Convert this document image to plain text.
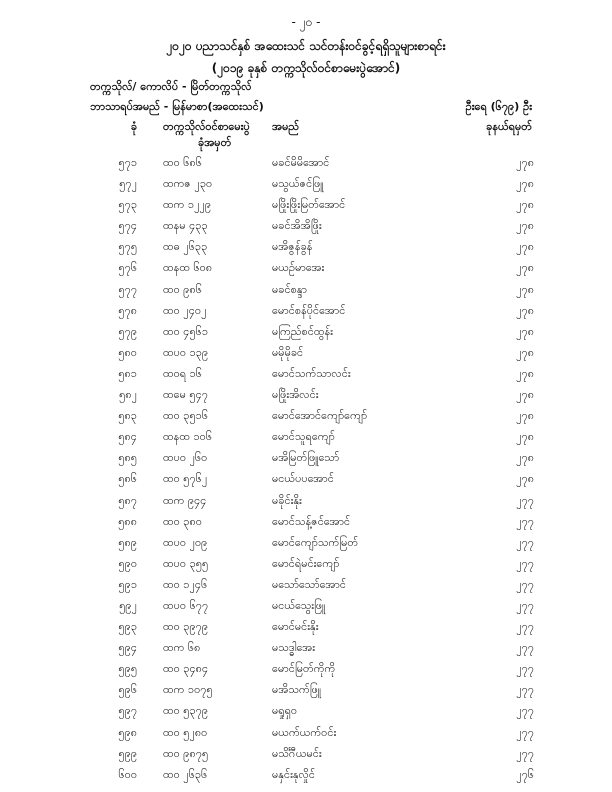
- ၂၀ -
၂၀၂၀ ပညာသင်နှစ် အထေးသင် သင်တန်းဝင်ခွင့်ရရှိသူများစာရင်း
(၂၀၁၉ ခုနှစ် တက္ကသိုလ်ဝင်စာမေးပွဲအောင်)
တက္ကသိုလ်/ ကောလိပ် - မြိတ်တက္ကသိုလ်
ဘာသာရပ်အမည် - မြန်မာစာ(အထေးသင်)	ဦးရေ (၆၇၉) ဦး
ခုနယ်ရမှတ်
ခုံ တက္ကသိုလ်ဝင်စာမေးပွဲ
ခုံအမှတ်
အမည်
၅၇၁ ထဝ ၆၈၆	မခင်မိမိအောင်	၂၇၈
၅၇၂ ထကဇ ၂၃၀	မသွယ်ဇင်ဖြူ	၂၇၈
၅၇၃ ထက ၁၂၂၉	မဖြိုးဖြိုးမြတ်အောင်	၂၇၈
၅၇၄ ထနမ ၄၃၃	မခင်အိအိဖြိုး	၂၇၈
၅၇၅ ထဓ ၂၆၃၃	မအိဇွန်ခွန်	၂၇၈
၅၇၆ ထနထ ၆၀၈	မယဉ်မာအေး	၂၇၈
၅၇၇ ထဝ ၉၈၆	မခင်စန္ဒာ	၂၇၈
၅၇၈ ထဝ ၂၄၀၂	မောင်စန်ပိုင်အောင်	၂၇၈
၅၇၉ ထဝ ၄၅၆၁	မကြည်စင်ထွန်း	၂၇၈
၅၈၀ ထပဝ ၁၃၉	မမိုမိုခင်	၂၇၈
၅၈၁ ထဝရ ၁၆	မောင်သက်သာလင်း	၂၇၈
၅၈၂ ထမေ ၅၄၇	မဖြိုးအိလင်း	၂၇၈
၅၈၃ ထဝ ၃၅၁၆	မောင်အောင်ကျော်ကျော်	၂၇၈
၅၈၄ ထနထ ၁၀၆	မောင်သူရကျော်	၂၇၈
၅၈၅ ထပဝ ၂၆၀	မအိမြတ်ဖြူသော်	၂၇၈
၅၈၆ ထဝ ၅၇၆၂	မငယ်ပပအောင်	၂၇၈
၅၈၇ ထက ၉၄၄	မခိုင်းနိုး	၂၇၇
၅၈၈ ထဝ ၃၈၀	မောင်သန့်ဇင်အောင်	၂၇၇
၅၈၉ ထပဝ ၂၀၉	မောင်ကျော်သက်မြတ်	၂၇၇
၅၉၀ ထပဝ ၃၅၅	မောင်ရဲမင်းကျော်	၂၇၇
၅၉၁ ထဝ ၁၂၄၆	မသော်သော်အောင်	၂၇၇
၅၉၂ ထပဝ ၆၇၇	မငယ်သွေးဖြူ	၂၇၇
၅၉၃ ထဝ ၃၉၇၉	မောင်မင်းနိုး	၂၇၇
၅၉၄ ထက ၆၈	မသဒ္ဓါအေး	၂၇၇
၅၉၅ ထဝ ၃၄၈၄	မောင်မြတ်ကိုကို	၂၇၇
၅၉၆ ထက ၁၀၇၅	မအိသက်ဖြူ	၂၇၇
၅၉၇ ထဝ ၅၃၇၉	မရှုရှ၀	၂၇၇
၅၉၈ ထဝ ၅၂၈၀	မယက်ယက်ဝင်း	၂၇၇
၅၉၉ ထဝ ၉၈၇၅	မသိင်္ဂီယမင်း	၂၇၇
၆၀၀ ထဝ ၂၆၃၆	မနှင်းနုလှိုင်	၂၇၆
